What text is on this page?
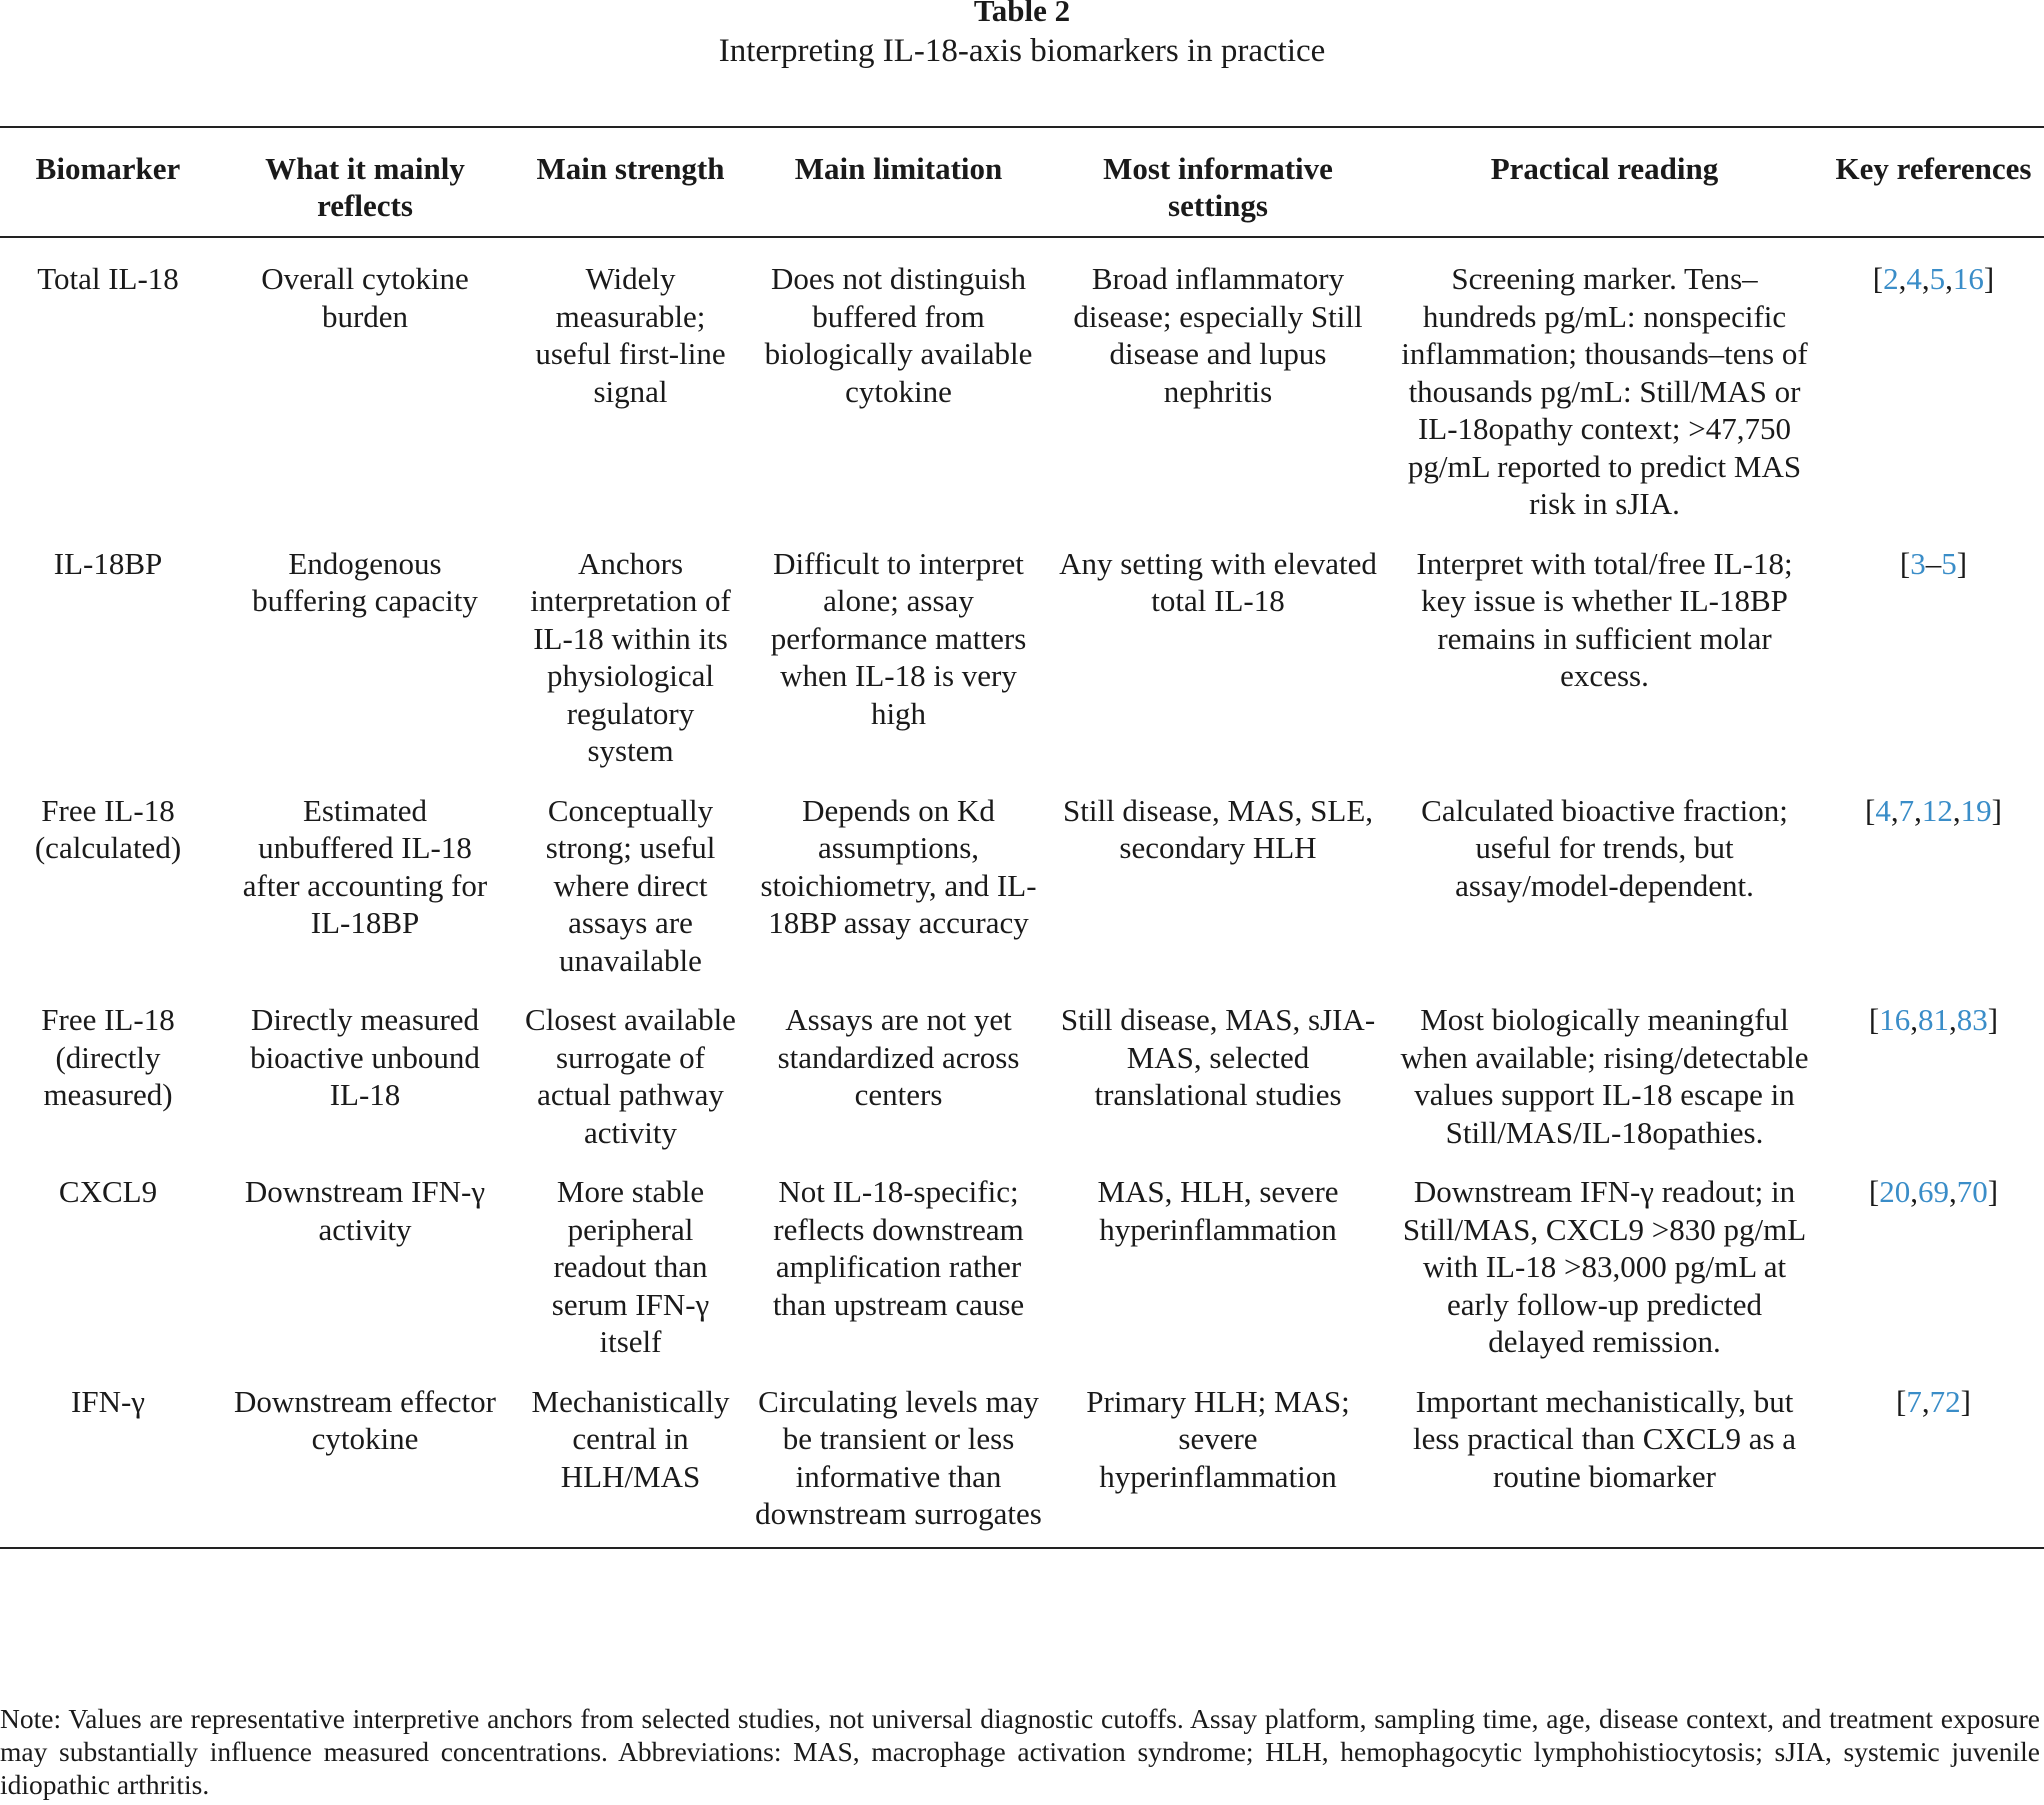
Table 2
Interpreting IL-18-axis biomarkers in practice
Biomarker	What it mainly reflects	Main strength	Main limitation	Most informative settings	Practical reading	Key references
Total IL-18	Overall cytokine burden	Widely measurable; useful first-line signal	Does not distinguish buffered from biologically available cytokine	Broad inflammatory disease; especially Still disease and lupus nephritis	Screening marker. Tens–hundreds pg/mL: nonspecific inflammation; thousands–tens of thousands pg/mL: Still/MAS or IL-18opathy context; >47,750 pg/mL reported to predict MAS risk in sJIA.	[2,4,5,16]
IL-18BP	Endogenous buffering capacity	Anchors interpretation of IL-18 within its physiological regulatory system	Difficult to interpret alone; assay performance matters when IL-18 is very high	Any setting with elevated total IL-18	Interpret with total/free IL-18; key issue is whether IL-18BP remains in sufficient molar excess.	[3–5]
Free IL-18 (calculated)	Estimated unbuffered IL-18 after accounting for IL-18BP	Conceptually strong; useful where direct assays are unavailable	Depends on Kd assumptions, stoichiometry, and IL-18BP assay accuracy	Still disease, MAS, SLE, secondary HLH	Calculated bioactive fraction; useful for trends, but assay/model-dependent.	[4,7,12,19]
Free IL-18 (directly measured)	Directly measured bioactive unbound IL-18	Closest available surrogate of actual pathway activity	Assays are not yet standardized across centers	Still disease, MAS, sJIA-MAS, selected translational studies	Most biologically meaningful when available; rising/detectable values support IL-18 escape in Still/MAS/IL-18opathies.	[16,81,83]
CXCL9	Downstream IFN-γ activity	More stable peripheral readout than serum IFN-γ itself	Not IL-18-specific; reflects downstream amplification rather than upstream cause	MAS, HLH, severe hyperinflammation	Downstream IFN-γ readout; in Still/MAS, CXCL9 >830 pg/mL with IL-18 >83,000 pg/mL at early follow-up predicted delayed remission.	[20,69,70]
IFN-γ	Downstream effector cytokine	Mechanistically central in HLH/MAS	Circulating levels may be transient or less informative than downstream surrogates	Primary HLH; MAS; severe hyperinflammation	Important mechanistically, but less practical than CXCL9 as a routine biomarker	[7,72]
Note: Values are representative interpretive anchors from selected studies, not universal diagnostic cutoffs. Assay platform, sampling time, age, disease context, and treatment exposure may substantially influence measured concentrations. Abbreviations: MAS, macrophage activation syndrome; HLH, hemophagocytic lymphohistiocytosis; sJIA, systemic juvenile idiopathic arthritis.
